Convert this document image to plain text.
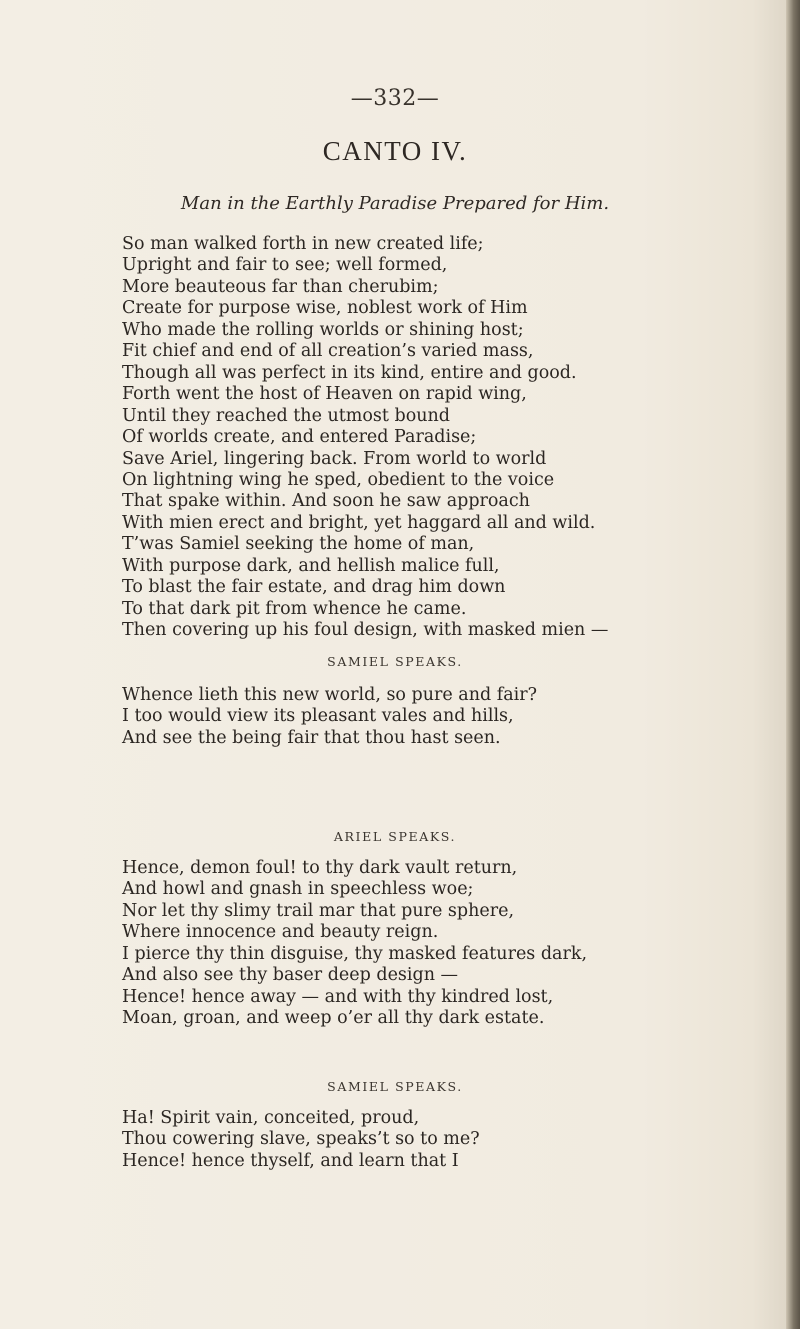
—332—
CANTO IV.
Man in the Earthly Paradise Prepared for Him.
So man walked forth in new created life;
Upright and fair to see; well formed,
More beauteous far than cherubim;
Create for purpose wise, noblest work of Him
Who made the rolling worlds or shining host;
Fit chief and end of all creation’s varied mass,
Though all was perfect in its kind, entire and good.
Forth went the host of Heaven on rapid wing,
Until they reached the utmost bound
Of worlds create, and entered Paradise;
Save Ariel, lingering back. From world to world
On lightning wing he sped, obedient to the voice
That spake within. And soon he saw approach
With mien erect and bright, yet haggard all and wild.
T’was Samiel seeking the home of man,
With purpose dark, and hellish malice full,
To blast the fair estate, and drag him down
To that dark pit from whence he came.
Then covering up his foul design, with masked mien —
SAMIEL SPEAKS.
Whence lieth this new world, so pure and fair?
I too would view its pleasant vales and hills,
And see the being fair that thou hast seen.
ARIEL SPEAKS.
Hence, demon foul! to thy dark vault return,
And howl and gnash in speechless woe;
Nor let thy slimy trail mar that pure sphere,
Where innocence and beauty reign.
I pierce thy thin disguise, thy masked features dark,
And also see thy baser deep design —
Hence! hence away — and with thy kindred lost,
Moan, groan, and weep o’er all thy dark estate.
SAMIEL SPEAKS.
Ha! Spirit vain, conceited, proud,
Thou cowering slave, speaks’t so to me?
Hence! hence thyself, and learn that I
